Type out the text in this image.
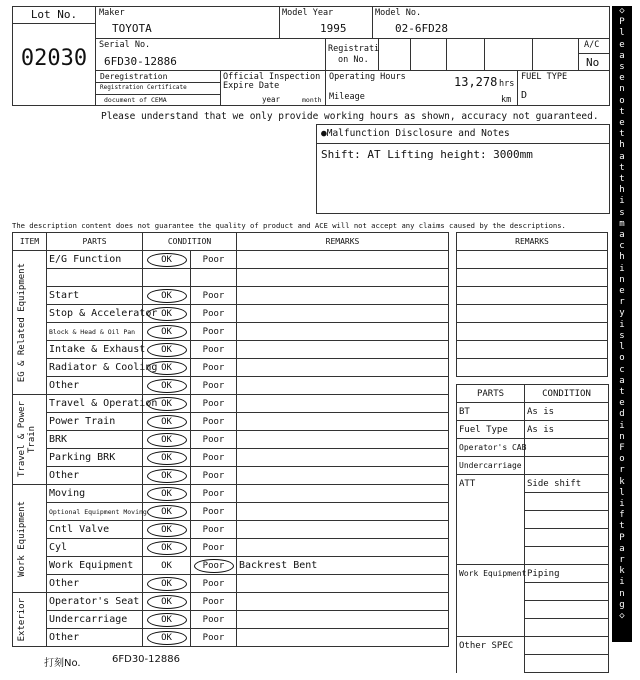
Lot No.
02030
Maker
TOYOTA
Model Year
1995
Model No.
02-6FD28
Serial No.
6FD30-12886
Registrati
on No.
A/C
No
Deregistration
Registration Certificate
document of CEMA
Official Inspection
Expire Date
year	month
Operating Hours	13,278 hrs
Mileage	km
FUEL TYPE
D
Please understand that we only provide working hours as shown, accuracy not guaranteed.
●Malfunction Disclosure and Notes
Shift: AT Lifting height: 3000mm
The description content does not guarantee the quality of product and ACE will not accept any claims caused by the descriptions.
ITEM	PARTS	CONDITION		REMARKS

EG & Related Equipment	E/G Function	OK	Poor	

	Start	OK	Poor	
	Stop & Accelerator	OK	Poor	
	Block & Head & Oil Pan	OK	Poor	
	Intake & Exhaust	OK	Poor	
	Radiator & Cooling	OK	Poor	
	Other	OK	Poor	

Travel & Power Train	Travel & Operation	OK	Poor	
	Power Train	OK	Poor	
	BRK	OK	Poor	
	Parking BRK	OK	Poor	
	Other	OK	Poor	

Work Equipment	Moving	OK	Poor	
	Optional Equipment Moving	OK	Poor	
	Cntl Valve	OK	Poor	
	Cyl	OK	Poor	
	Work Equipment	OK	Poor	Backrest Bent
	Other	OK	Poor	

Exterior	Operator's Seat	OK	Poor	
	Undercarriage	OK	Poor	
	Other	OK	Poor	
REMARKS

PARTS	CONDITION
BT	As is
Fuel Type	As is
Operator's CAB	
Undercarriage	
ATT	Side shift

Work Equipment	Piping

Other SPEC	

打刻No.	6FD30-12886
◇
P
l
e
a
s
e
n
o
t
e
t
h
a
t
t
h
i
s
m
a
c
h
i
n
e
r
y
i
s
l
o
c
a
t
e
d
i
n
F
o
r
k
l
i
f
t
P
a
r
k
i
n
g
◇
